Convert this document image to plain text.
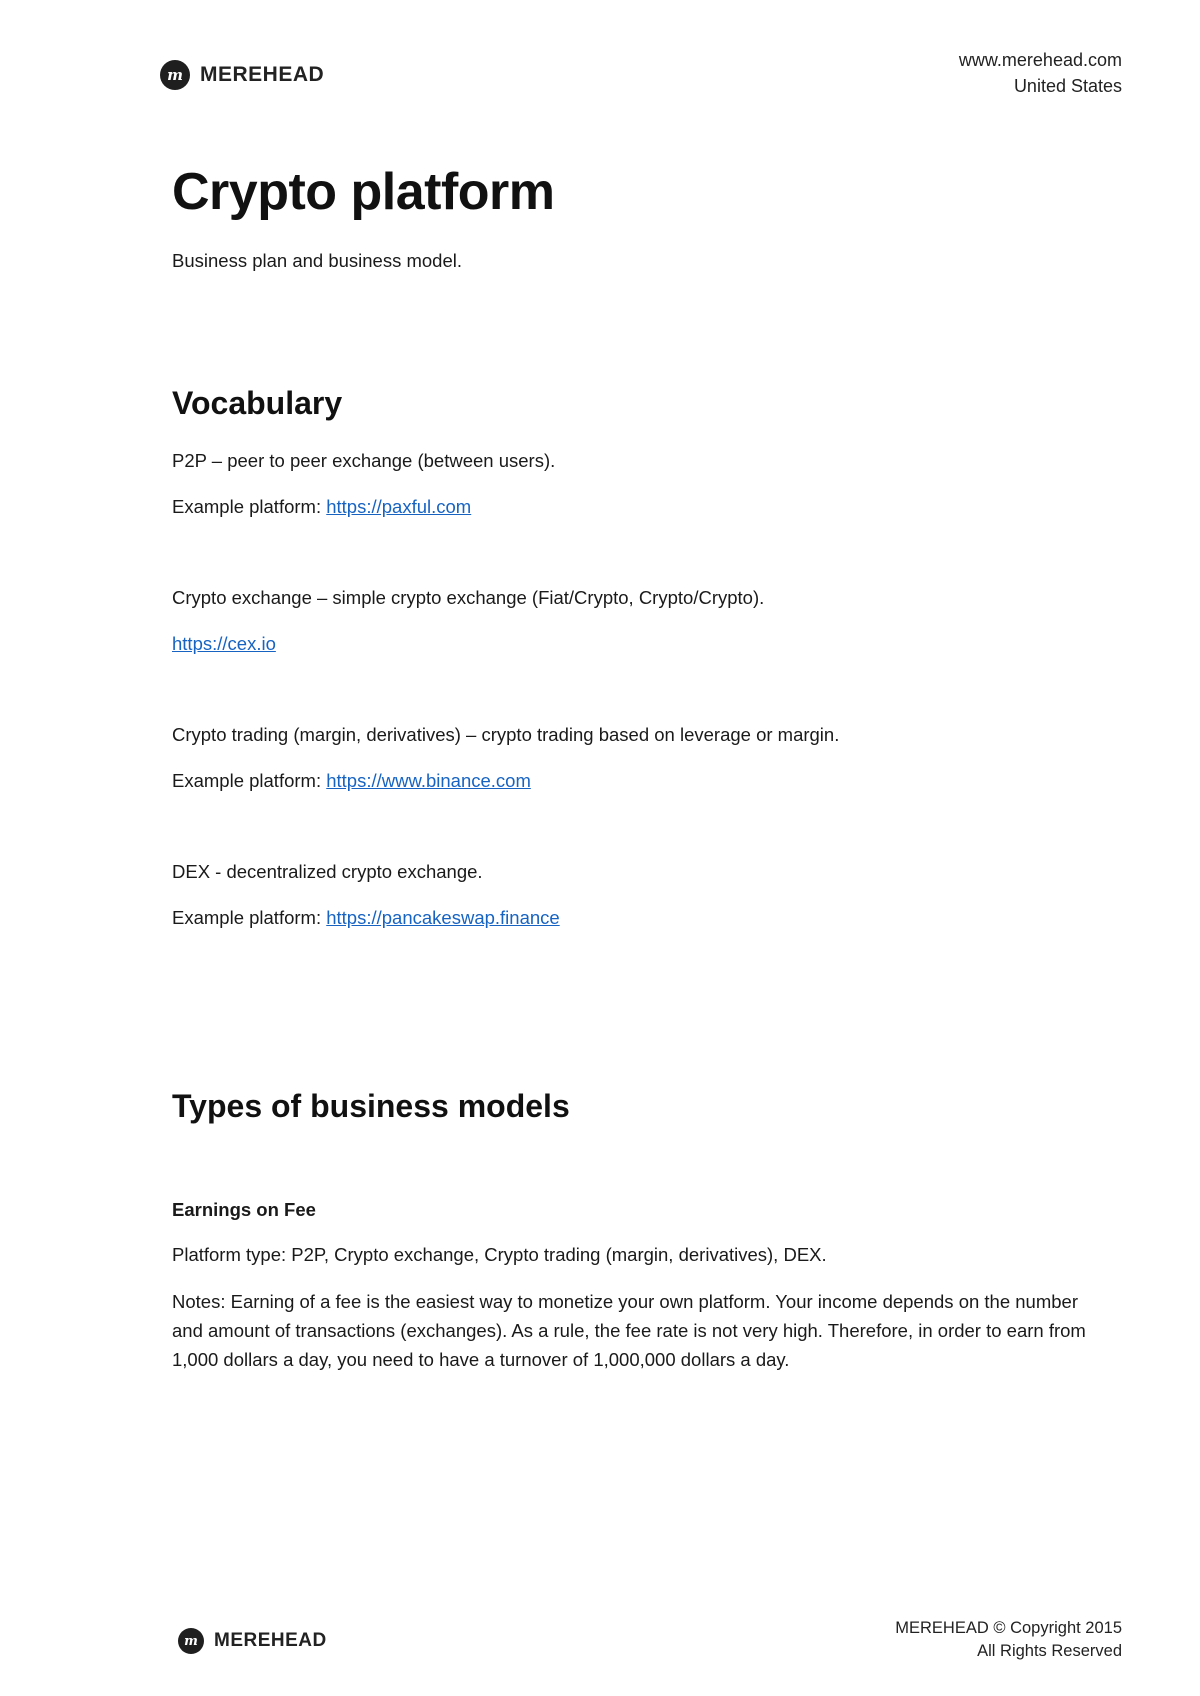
m MEREHEAD
www.merehead.com
United States
Crypto platform

Business plan and business model.

Vocabulary

P2P – peer to peer exchange (between users).

Example platform: https://paxful.com

Crypto exchange – simple crypto exchange (Fiat/Crypto, Crypto/Crypto).

https://cex.io

Crypto trading (margin, derivatives) – crypto trading based on leverage or margin.

Example platform: https://www.binance.com

DEX - decentralized crypto exchange.

Example platform: https://pancakeswap.finance

Types of business models

Earnings on Fee

Platform type: P2P, Crypto exchange, Crypto trading (margin, derivatives), DEX.

Notes: Earning of a fee is the easiest way to monetize your own platform. Your income depends on the number and amount of transactions (exchanges). As a rule, the fee rate is not very high. Therefore, in order to earn from 1,000 dollars a day, you need to have a turnover of 1,000,000 dollars a day.

m MEREHEAD
MEREHEAD © Copyright 2015
All Rights Reserved
